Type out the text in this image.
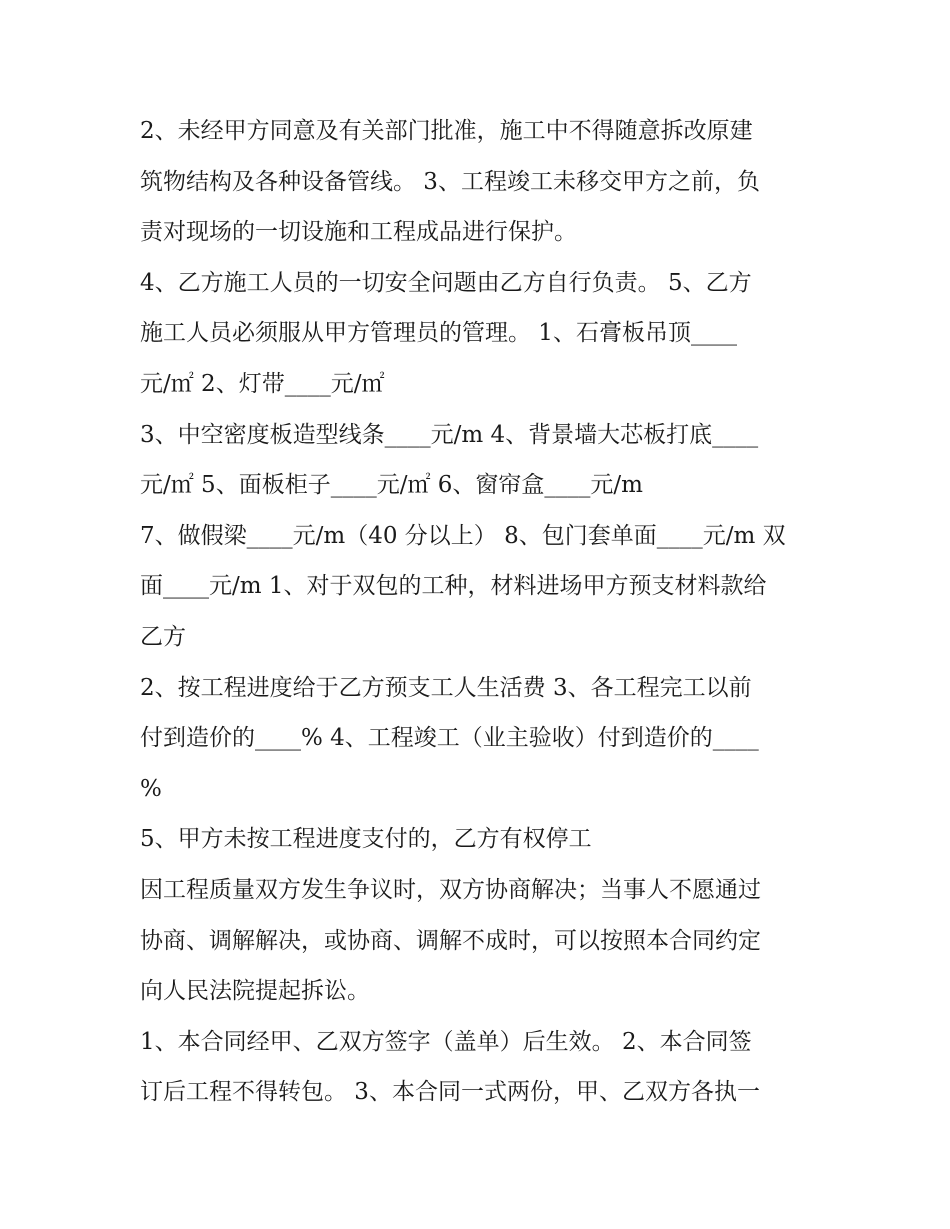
2、未经甲方同意及有关部门批准，施工中不得随意拆改原建
筑物结构及各种设备管线。 3、工程竣工未移交甲方之前，负
责对现场的一切设施和工程成品进行保护。

4、乙方施工人员的一切安全问题由乙方自行负责。 5、乙方
施工人员必须服从甲方管理员的管理。 1、石膏板吊顶____
元/㎡ 2、灯带____元/㎡

3、中空密度板造型线条____元/m 4、背景墙大芯板打底____
元/㎡ 5、面板柜子____元/㎡ 6、窗帘盒____元/m

7、做假梁____元/m（40 分以上） 8、包门套单面____元/m 双
面____元/m 1、对于双包的工种，材料进场甲方预支材料款给
乙方

2、按工程进度给于乙方预支工人生活费 3、各工程完工以前
付到造价的____% 4、工程竣工（业主验收）付到造价的____
%

5、甲方未按工程进度支付的，乙方有权停工

因工程质量双方发生争议时，双方协商解决；当事人不愿通过
协商、调解解决，或协商、调解不成时，可以按照本合同约定
向人民法院提起拆讼。

1、本合同经甲、乙双方签字（盖单）后生效。 2、本合同签
订后工程不得转包。 3、本合同一式两份，甲、乙双方各执一
